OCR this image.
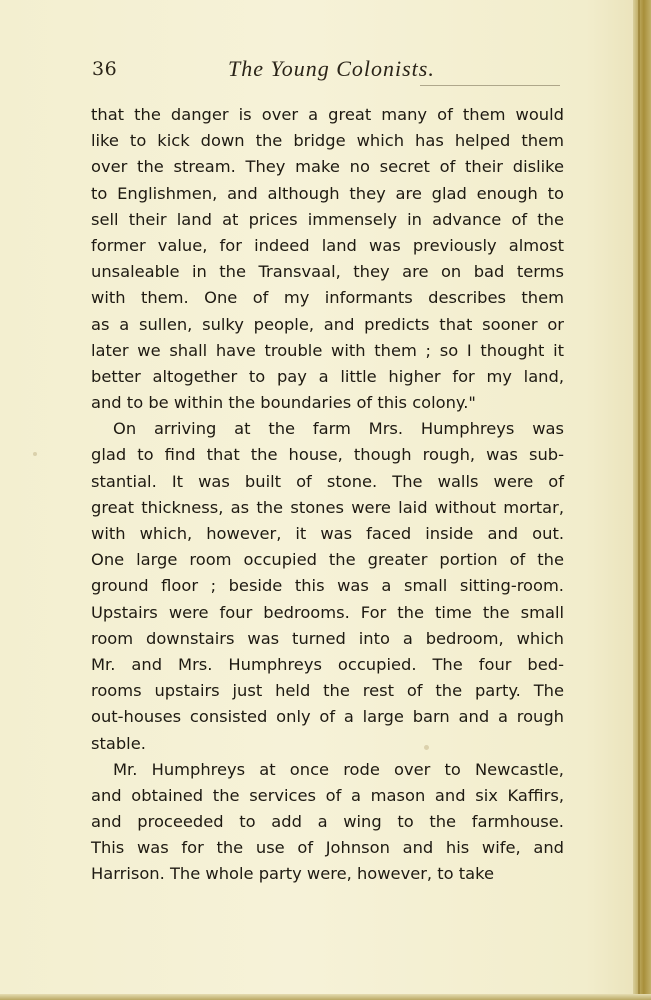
36	The Young Colonists.
that the danger is over a great many of them would
like to kick down the bridge which has helped them
over the stream. They make no secret of their dislike
to Englishmen, and although they are glad enough to
sell their land at prices immensely in advance of the
former value, for indeed land was previously almost
unsaleable in the Transvaal, they are on bad terms
with them. One of my informants describes them
as a sullen, sulky people, and predicts that sooner or
later we shall have trouble with them ; so I thought it
better altogether to pay a little higher for my land,
and to be within the boundaries of this colony."
On arriving at the farm Mrs. Humphreys was
glad to find that the house, though rough, was sub-
stantial. It was built of stone. The walls were of
great thickness, as the stones were laid without mortar,
with which, however, it was faced inside and out.
One large room occupied the greater portion of the
ground floor ; beside this was a small sitting-room.
Upstairs were four bedrooms. For the time the small
room downstairs was turned into a bedroom, which
Mr. and Mrs. Humphreys occupied. The four bed-
rooms upstairs just held the rest of the party. The
out-houses consisted only of a large barn and a rough
stable.
Mr. Humphreys at once rode over to Newcastle,
and obtained the services of a mason and six Kaffirs,
and proceeded to add a wing to the farmhouse.
This was for the use of Johnson and his wife, and
Harrison. The whole party were, however, to take
